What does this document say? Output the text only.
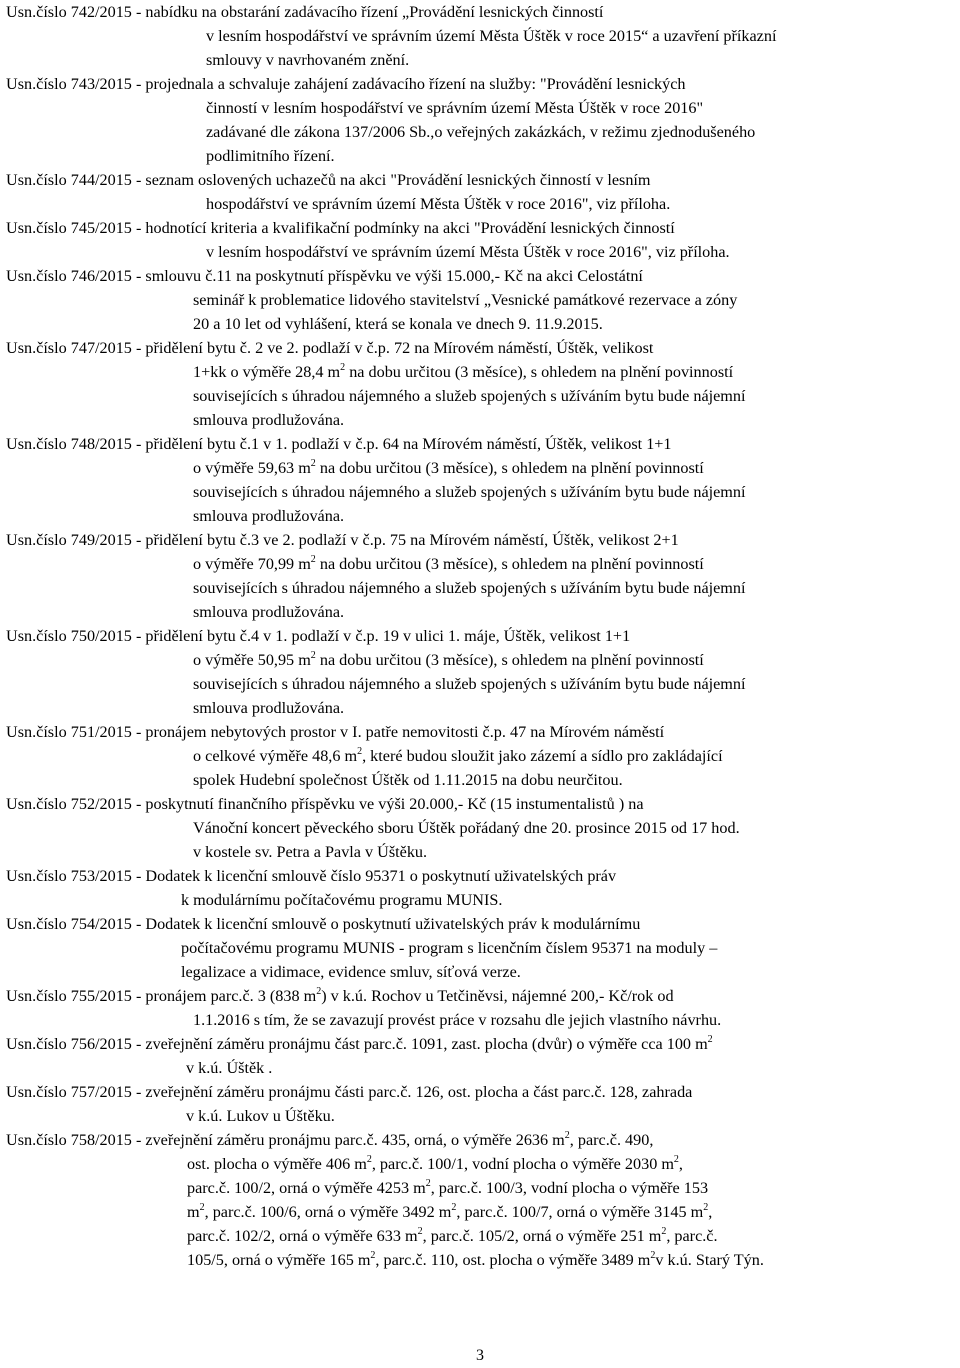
Usn.číslo 742/2015 - nabídku na obstarání zadávacího řízení „Provádění lesnických činností
v lesním hospodářství ve správním území Města Úštěk v roce 2015“ a uzavření příkazní
smlouvy v navrhovaném znění.
Usn.číslo 743/2015 - projednala a schvaluje zahájení zadávacího řízení na služby: "Provádění lesnických
činností v lesním hospodářství ve správním území Města Úštěk v roce 2016"
zadávané dle zákona 137/2006 Sb.,o veřejných zakázkách, v režimu zjednodušeného
podlimitního řízení.
Usn.číslo 744/2015 - seznam oslovených uchazečů na akci "Provádění lesnických činností v lesním
hospodářství ve správním území Města Úštěk v roce 2016", viz příloha.
Usn.číslo 745/2015 - hodnotící kriteria a kvalifikační podmínky na akci "Provádění lesnických činností
v lesním hospodářství ve správním území Města Úštěk v roce 2016", viz příloha.
Usn.číslo 746/2015 - smlouvu č.11 na poskytnutí příspěvku ve výši 15.000,- Kč na akci Celostátní
seminář k problematice lidového stavitelství „Vesnické památkové rezervace a zóny
20 a 10 let od vyhlášení, která se konala ve dnech 9. 11.9.2015.
Usn.číslo 747/2015 - přidělení bytu č. 2 ve 2. podlaží v č.p. 72 na Mírovém náměstí, Úštěk, velikost
1+kk o výměře 28,4 $m^2$ na dobu určitou (3 měsíce), s ohledem na plnění povinností
souvisejících s úhradou nájemného a služeb spojených s užíváním bytu bude nájemní
smlouva prodlužována.
Usn.číslo 748/2015 - přidělení bytu č.1 v 1. podlaží v č.p. 64 na Mírovém náměstí, Úštěk, velikost 1+1
o výměře 59,63 $m^2$ na dobu určitou (3 měsíce), s ohledem na plnění povinností
souvisejících s úhradou nájemného a služeb spojených s užíváním bytu bude nájemní
smlouva prodlužována.
Usn.číslo 749/2015 - přidělení bytu č.3 ve 2. podlaží v č.p. 75 na Mírovém náměstí, Úštěk, velikost 2+1
o výměře 70,99 $m^2$ na dobu určitou (3 měsíce), s ohledem na plnění povinností
souvisejících s úhradou nájemného a služeb spojených s užíváním bytu bude nájemní
smlouva prodlužována.
Usn.číslo 750/2015 - přidělení bytu č.4 v 1. podlaží v č.p. 19 v ulici 1. máje, Úštěk, velikost 1+1
o výměře 50,95 $m^2$ na dobu určitou (3 měsíce), s ohledem na plnění povinností
souvisejících s úhradou nájemného a služeb spojených s užíváním bytu bude nájemní
smlouva prodlužována.
Usn.číslo 751/2015 - pronájem nebytových prostor v I. patře nemovitosti č.p. 47 na Mírovém náměstí
o celkové výměře 48,6 $m^2$, které budou sloužit jako zázemí a sídlo pro zakládající
spolek Hudební společnost Úštěk od 1.11.2015 na dobu neurčitou.
Usn.číslo 752/2015 - poskytnutí finančního příspěvku ve výši 20.000,- Kč (15 instumentalistů ) na
Vánoční koncert pěveckého sboru Úštěk pořádaný dne 20. prosince 2015 od 17 hod.
v kostele sv. Petra a Pavla v Úštěku.
Usn.číslo 753/2015 - Dodatek k licenční smlouvě číslo 95371 o poskytnutí uživatelských práv
k modulárnímu počítačovému programu MUNIS.
Usn.číslo 754/2015 - Dodatek k licenční smlouvě o poskytnutí uživatelských práv k modulárnímu
počítačovému programu MUNIS - program s licenčním číslem 95371 na moduly –
legalizace a vidimace, evidence smluv, síťová verze.
Usn.číslo 755/2015 - pronájem parc.č. 3 (838 $m^2$) v k.ú. Rochov u Tetčiněvsi, nájemné 200,- Kč/rok od
1.1.2016 s tím, že se zavazují provést práce v rozsahu dle jejich vlastního návrhu.
Usn.číslo 756/2015 - zveřejnění záměru pronájmu část parc.č. 1091, zast. plocha (dvůr) o výměře cca 100 $m^2$
v k.ú. Úštěk .
Usn.číslo 757/2015 - zveřejnění záměru pronájmu části parc.č. 126, ost. plocha a část parc.č. 128, zahrada
v k.ú. Lukov u Úštěku.
Usn.číslo 758/2015 - zveřejnění záměru pronájmu parc.č. 435, orná, o výměře 2636 $m^2$, parc.č. 490,
ost. plocha o výměře 406 $m^2$, parc.č. 100/1, vodní plocha o výměře 2030 $m^2$,
parc.č. 100/2, orná o výměře 4253 $m^2$, parc.č. 100/3, vodní plocha o výměře 153
$m^2$, parc.č. 100/6, orná o výměře 3492 $m^2$, parc.č. 100/7, orná o výměře 3145 $m^2$,
parc.č. 102/2, orná o výměře 633 $m^2$, parc.č. 105/2, orná o výměře 251 $m^2$, parc.č.
105/5, orná o výměře 165 $m^2$, parc.č. 110, ost. plocha o výměře 3489 $m^2v$ k.ú. Starý Týn.
3
